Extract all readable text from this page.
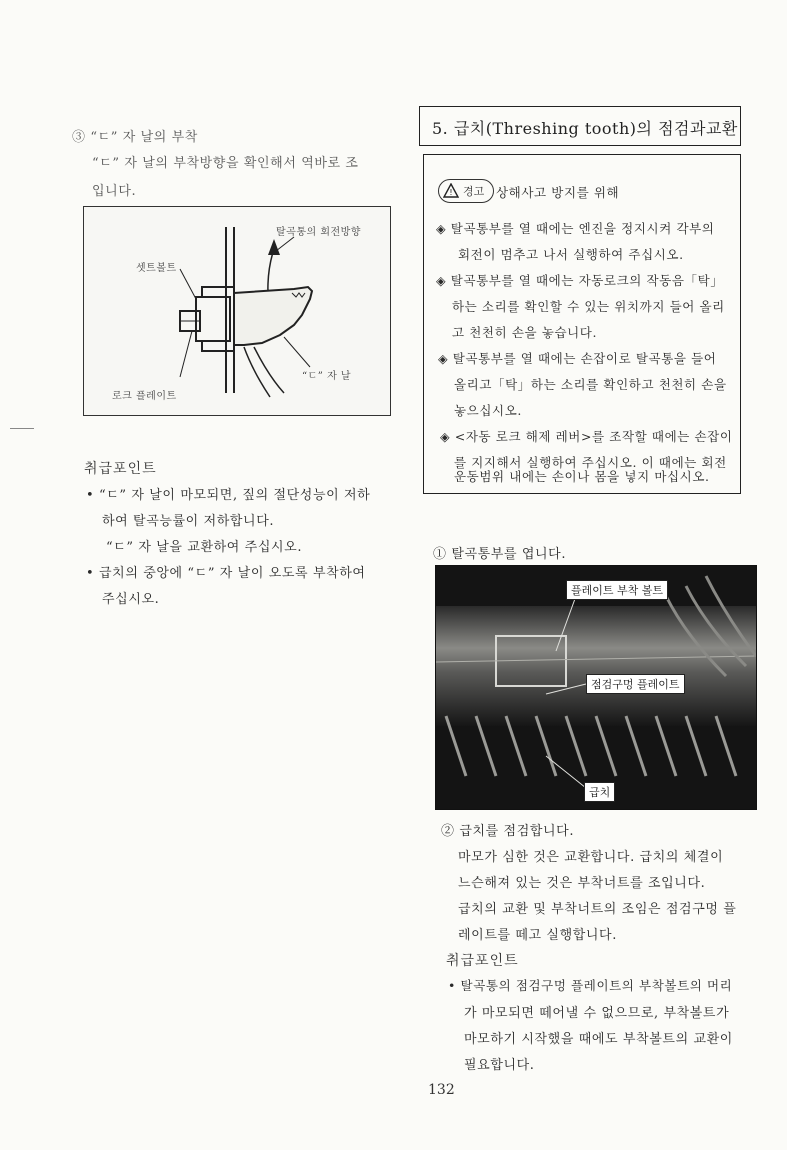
③ “ㄷ” 자 날의 부착
“ㄷ” 자 날의 부착방향을 확인해서 역바로 조
입니다.
탈곡통의 회전방향
셋트볼트
로크 플레이트
“ㄷ” 자 날
취급포인트
• “ㄷ” 자 날이 마모되면, 짚의 절단성능이 저하
하여 탈곡능률이 저하합니다.
“ㄷ” 자 날을 교환하여 주십시오.
• 급치의 중앙에 “ㄷ” 자 날이 오도록 부착하여
주십시오.
5. 급치(Threshing tooth)의 점검과교환
! 경고 상해사고 방지를 위해
◈ 탈곡통부를 열 때에는 엔진을 정지시켜 각부의
회전이 멈추고 나서 실행하여 주십시오.
◈ 탈곡통부를 열 때에는 자동로크의 작동음「탁」
하는 소리를 확인할 수 있는 위치까지 들어 올리
고 천천히 손을 놓습니다.
◈ 탈곡통부를 열 때에는 손잡이로 탈곡통을 들어
올리고「탁」하는 소리를 확인하고 천천히 손을
놓으십시오.
◈ <자동 로크 해제 레버>를 조작할 때에는 손잡이
를 지지해서 실행하여 주십시오. 이 때에는 회전
운동범위 내에는 손이나 몸을 넣지 마십시오.
① 탈곡통부를 엽니다.
플레이트 부착 볼트
점검구멍 플레이트
급치
② 급치를 점검합니다.
마모가 심한 것은 교환합니다. 급치의 체결이
느슨해져 있는 것은 부착너트를 조입니다.
급치의 교환 및 부착너트의 조임은 점검구멍 플
레이트를 떼고 실행합니다.
취급포인트
• 탈곡통의 점검구멍 플레이트의 부착볼트의 머리
가 마모되면 떼어낼 수 없으므로, 부착볼트가
마모하기 시작했을 때에도 부착볼트의 교환이
필요합니다.
132
